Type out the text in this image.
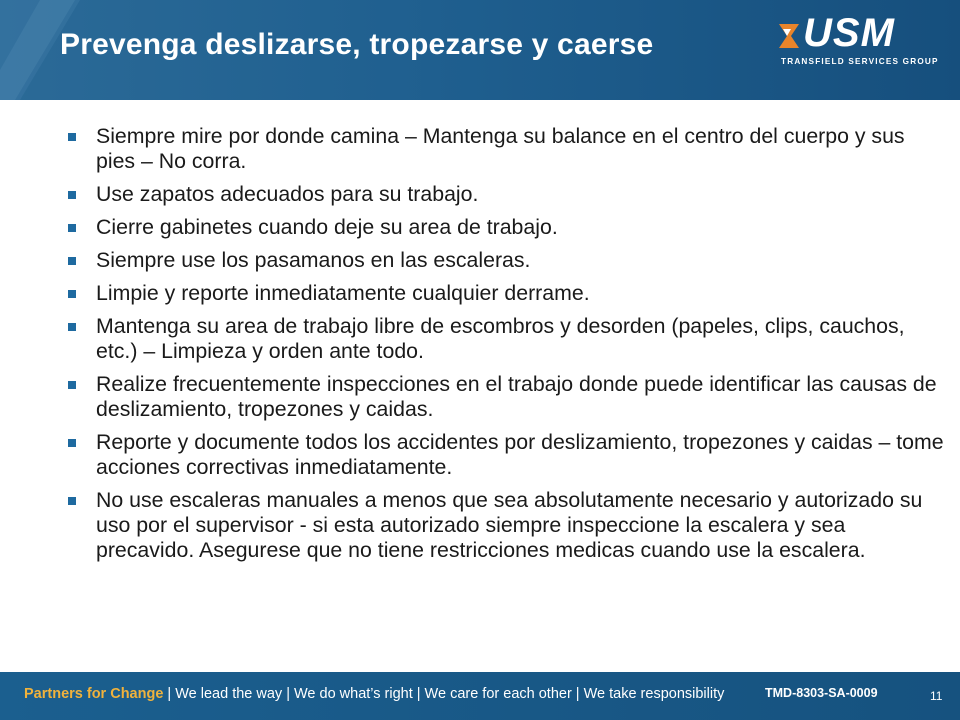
Prevenga deslizarse, tropezarse y caerse	USM
TRANSFIELD SERVICES GROUP
Siempre mire por donde camina – Mantenga su balance en el centro del cuerpo y sus pies – No corra.
Use zapatos adecuados para su trabajo.
Cierre gabinetes cuando deje su area de trabajo.
Siempre use los pasamanos en las escaleras.
Limpie y reporte inmediatamente cualquier derrame.
Mantenga su area de trabajo libre de escombros y desorden (papeles, clips, cauchos, etc.) – Limpieza y orden ante todo.
Realize frecuentemente inspecciones en el trabajo donde puede identificar las causas de deslizamiento, tropezones y caidas.
Reporte y documente todos los accidentes por deslizamiento, tropezones y caidas – tome acciones correctivas inmediatamente.
No use escaleras manuales a menos que sea absolutamente necesario y autorizado su uso por el supervisor - si esta autorizado siempre inspeccione la escalera y sea precavido. Asegurese que no tiene restricciones medicas cuando use la escalera.
Partners for Change | We lead the way | We do what’s right | We care for each other | We take responsibility	TMD-8303-SA-0009	11
